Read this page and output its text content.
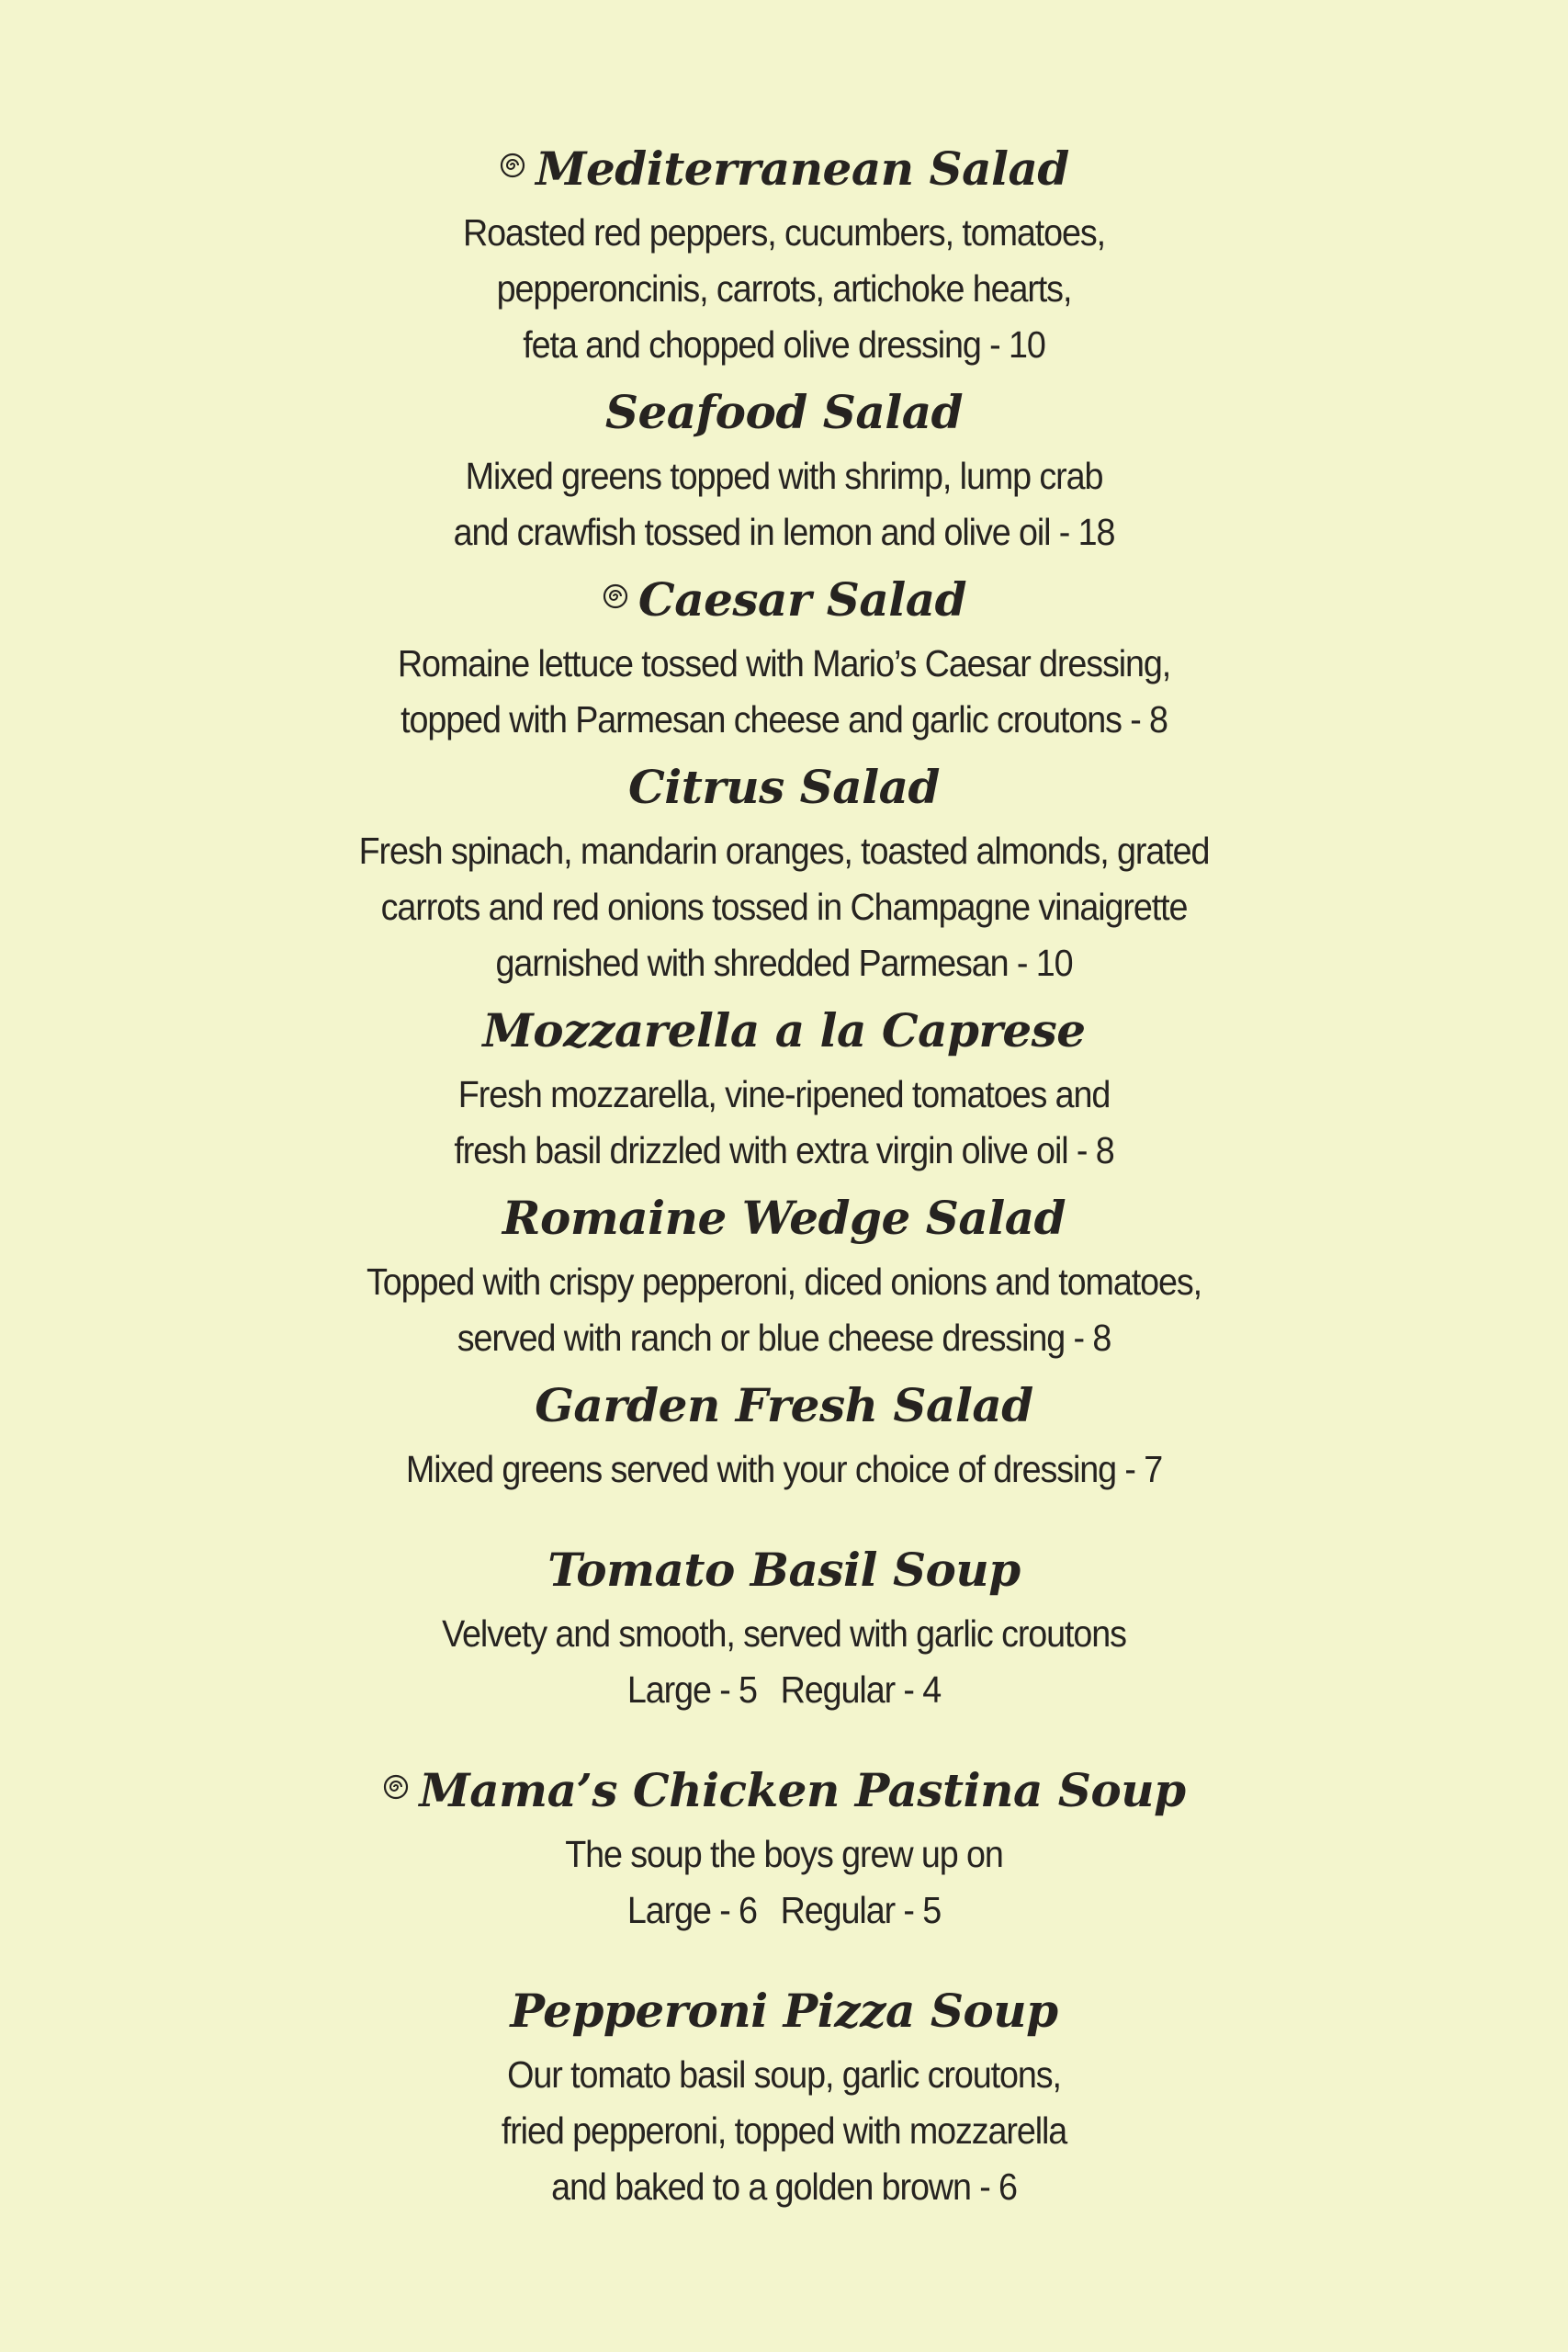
Mediterranean Salad
Roasted red peppers, cucumbers, tomatoes,
pepperoncinis, carrots, artichoke hearts,
feta and chopped olive dressing - 10
Seafood Salad
Mixed greens topped with shrimp, lump crab
and crawfish tossed in lemon and olive oil - 18
Caesar Salad
Romaine lettuce tossed with Mario’s Caesar dressing,
topped with Parmesan cheese and garlic croutons - 8
Citrus Salad
Fresh spinach, mandarin oranges, toasted almonds, grated
carrots and red onions tossed in Champagne vinaigrette
garnished with shredded Parmesan - 10
Mozzarella a la Caprese
Fresh mozzarella, vine-ripened tomatoes and
fresh basil drizzled with extra virgin olive oil - 8
Romaine Wedge Salad
Topped with crispy pepperoni, diced onions and tomatoes,
served with ranch or blue cheese dressing - 8
Garden Fresh Salad
Mixed greens served with your choice of dressing - 7
Tomato Basil Soup
Velvety and smooth, served with garlic croutons
Large - 5 Regular - 4
Mama’s Chicken Pastina Soup
The soup the boys grew up on
Large - 6 Regular - 5
Pepperoni Pizza Soup
Our tomato basil soup, garlic croutons,
fried pepperoni, topped with mozzarella
and baked to a golden brown - 6
